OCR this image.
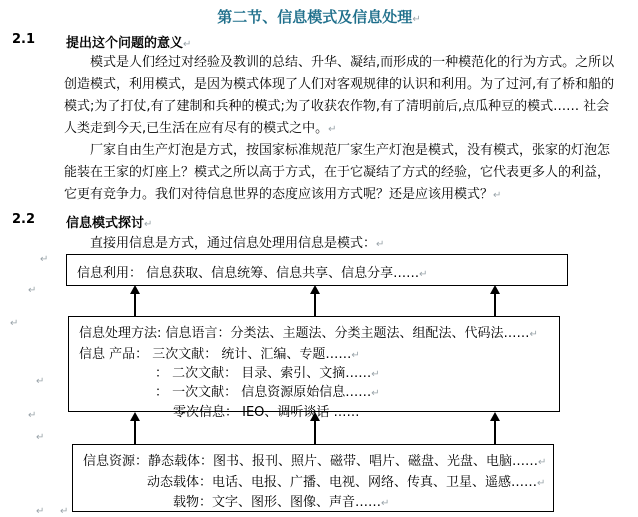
第二节、信息模式及信息处理↵
2.1 提出这个问题的意义↵
模式是人们经过对经验及教训的总结、升华、凝结,而形成的一种模范化的行为方式。之所以
创造模式，利用模式，是因为模式体现了人们对客观规律的认识和利用。为了过河,有了桥和船的
模式;为了打仗,有了建制和兵种的模式;为了收获农作物,有了清明前后,点瓜种豆的模式…… 社会
人类走到今天,已生活在应有尽有的模式之中。↵
厂家自由生产灯泡是方式，按国家标准规范厂家生产灯泡是模式，没有模式，张家的灯泡怎
能装在王家的灯座上？模式之所以高于方式，在于它凝结了方式的经验，它代表更多人的利益，
它更有竞争力。我们对待信息世界的态度应该用方式呢？还是应该用模式？↵
2.2 信息模式探讨↵
直接用信息是方式，通过信息处理用信息是模式：↵
↵
↵
↵
↵
↵
↵
↵ ↵
信息利用： 信息获取、信息统筹、信息共享、信息分享……↵
信息处理方法: 信息语言：分类法、主题法、分类主题法、组配法、代码法……↵
信息 产品： 三次文献： 统计、汇编、专题……↵
： 二次文献： 目录、索引、文摘……↵
： 一次文献： 信息资源原始信息……↵
零次信息： IEO、调听谈话 ……
信息资源：静态载体：图书、报刊、照片、磁带、唱片、磁盘、光盘、电脑……↵
动态载体：电话、电报、广播、电视、网络、传真、卫星、遥感……↵
载物：文字、图形、图像、声音……↵
